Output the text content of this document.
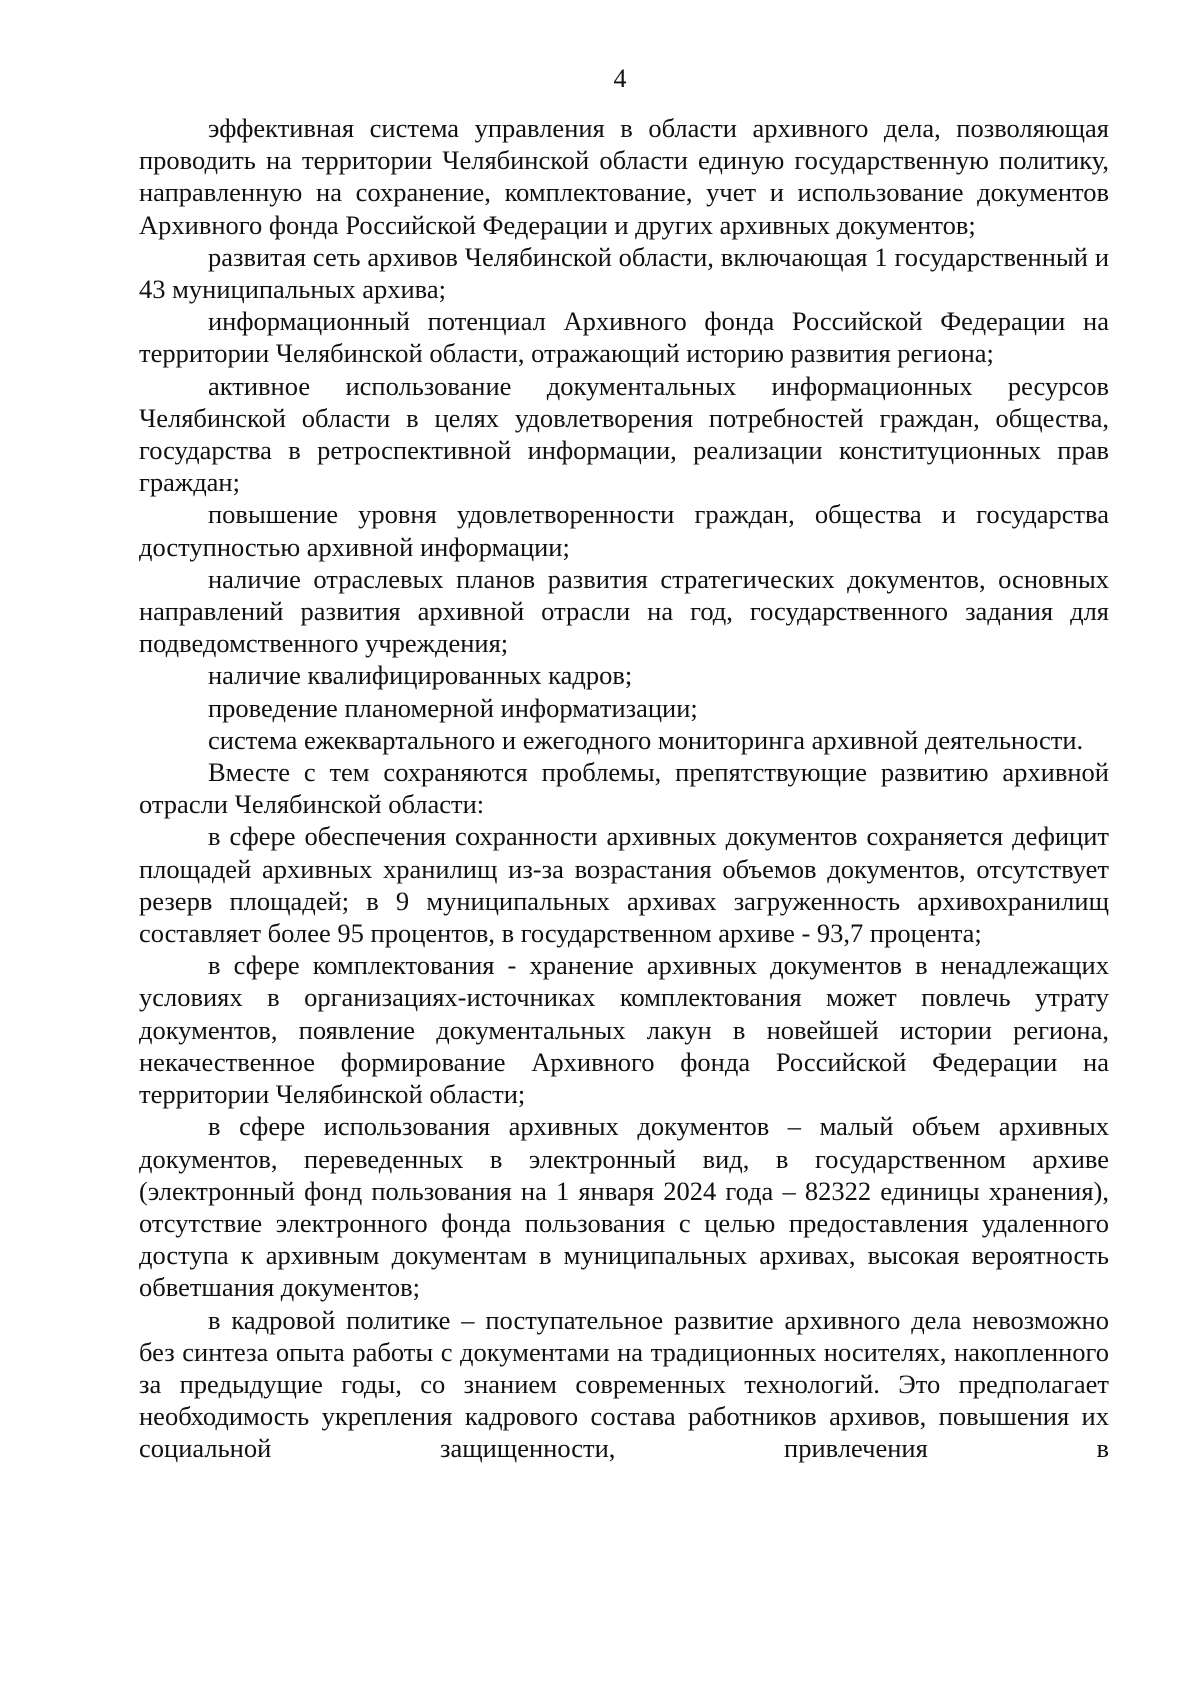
4

эффективная система управления в области архивного дела, позволяющая проводить на территории Челябинской области единую государственную политику, направленную на сохранение, комплектование, учет и использование документов Архивного фонда Российской Федерации и других архивных документов;

развитая сеть архивов Челябинской области, включающая 1 государственный и 43 муниципальных архива;

информационный потенциал Архивного фонда Российской Федерации на территории Челябинской области, отражающий историю развития региона;

активное использование документальных информационных ресурсов Челябинской области в целях удовлетворения потребностей граждан, общества, государства в ретроспективной информации, реализации конституционных прав граждан;

повышение уровня удовлетворенности граждан, общества и государства доступностью архивной информации;

наличие отраслевых планов развития стратегических документов, основных направлений развития архивной отрасли на год, государственного задания для подведомственного учреждения;

наличие квалифицированных кадров;

проведение планомерной информатизации;

система ежеквартального и ежегодного мониторинга архивной деятельности.

Вместе с тем сохраняются проблемы, препятствующие развитию архивной отрасли Челябинской области:

в сфере обеспечения сохранности архивных документов сохраняется дефицит площадей архивных хранилищ из-за возрастания объемов документов, отсутствует резерв площадей; в 9 муниципальных архивах загруженность архивохранилищ составляет более 95 процентов, в государственном архиве - 93,7 процента;

в сфере комплектования - хранение архивных документов в ненадлежащих условиях в организациях-источниках комплектования может повлечь утрату документов, появление документальных лакун в новейшей истории региона, некачественное формирование Архивного фонда Российской Федерации на территории Челябинской области;

в сфере использования архивных документов – малый объем архивных документов, переведенных в электронный вид, в государственном архиве (электронный фонд пользования на 1 января 2024 года – 82322 единицы хранения), отсутствие электронного фонда пользования с целью предоставления удаленного доступа к архивным документам в муниципальных архивах, высокая вероятность обветшания документов;

в кадровой политике – поступательное развитие архивного дела невозможно без синтеза опыта работы с документами на традиционных носителях, накопленного за предыдущие годы, со знанием современных технологий. Это предполагает необходимость укрепления кадрового состава работников архивов, повышения их социальной защищенности, привлечения в
